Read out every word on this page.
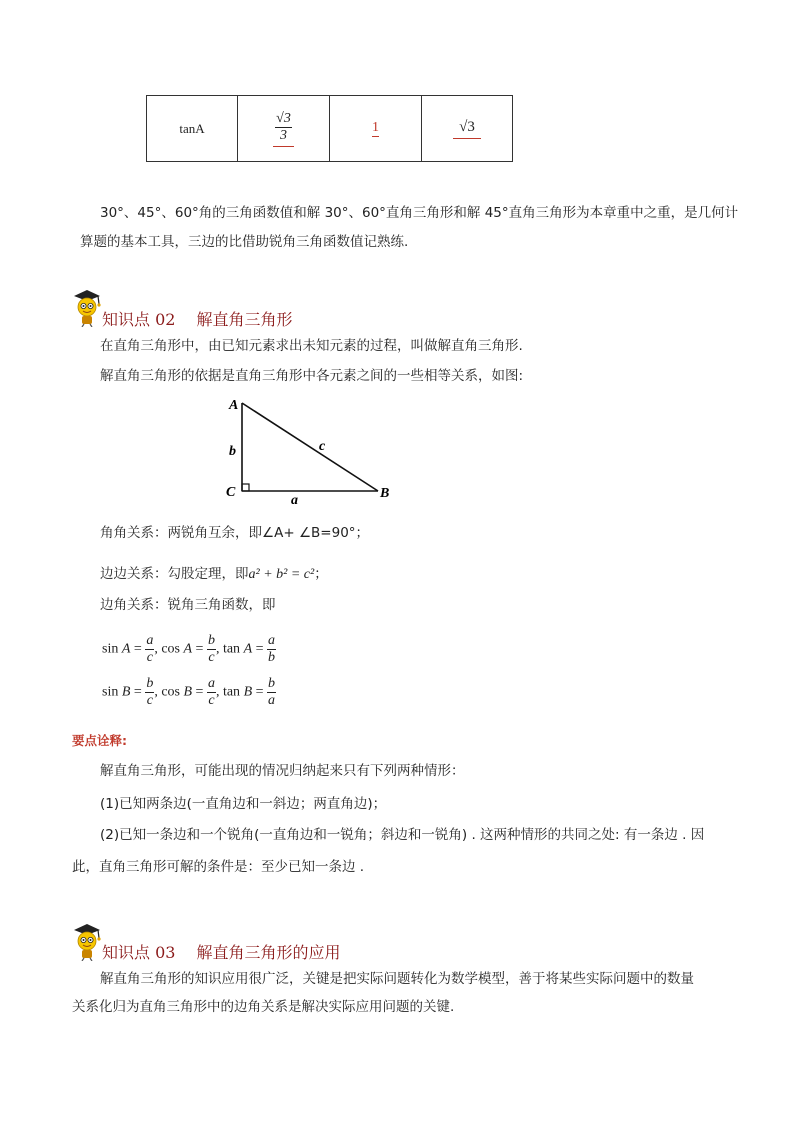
tanA	$\frac{√3}{3}$	1	√3
30°、45°、60°角的三角函数值和解 30°、60°直角三角形和解 45°直角三角形为本章重中之重，是几何计
算题的基本工具，三边的比借助锐角三角函数值记熟练.
知识点 02　 解直角三角形
在直角三角形中，由已知元素求出未知元素的过程，叫做解直角三角形.
解直角三角形的依据是直角三角形中各元素之间的一些相等关系，如图:
A
C	B
b
a
c
角角关系：两锐角互余，即∠A+ ∠B=90°；
边边关系：勾股定理，即a² + b² = c²；
边角关系：锐角三角函数，即
$\sin A = \frac{a}{c}$ , $\cos A = \frac{b}{c}$ , $\tan A = \frac{a}{b}$
$\sin B = \frac{b}{c}$ , $\cos B = \frac{a}{c}$ , $\tan B = \frac{b}{a}$
要点诠释:
解直角三角形，可能出现的情况归纳起来只有下列两种情形：
(1)已知两条边(一直角边和一斜边；两直角边)；
(2)已知一条边和一个锐角(一直角边和一锐角；斜边和一锐角) . 这两种情形的共同之处: 有一条边 . 因
此，直角三角形可解的条件是：至少已知一条边 .
知识点 03　 解直角三角形的应用
解直角三角形的知识应用很广泛，关键是把实际问题转化为数学模型，善于将某些实际问题中的数量
关系化归为直角三角形中的边角关系是解决实际应用问题的关键.
